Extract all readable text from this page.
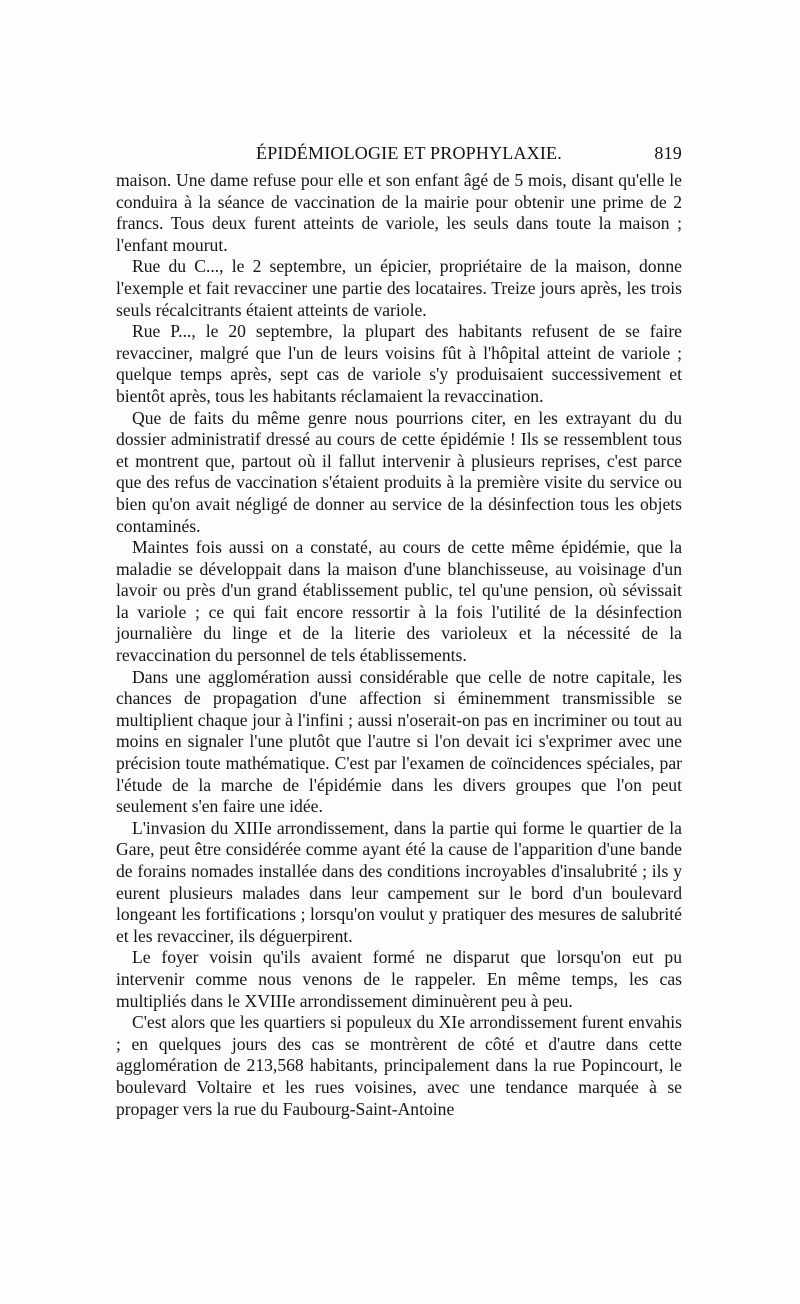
ÉPIDÉMIOLOGIE ET PROPHYLAXIE.	819

maison. Une dame refuse pour elle et son enfant âgé de 5 mois, disant qu'elle le conduira à la séance de vaccination de la mairie pour obtenir une prime de 2 francs. Tous deux furent atteints de variole, les seuls dans toute la maison ; l'enfant mourut.

Rue du C..., le 2 septembre, un épicier, propriétaire de la maison, donne l'exemple et fait revacciner une partie des locataires. Treize jours après, les trois seuls récalcitrants étaient atteints de variole.

Rue P..., le 20 septembre, la plupart des habitants refusent de se faire revacciner, malgré que l'un de leurs voisins fût à l'hôpital atteint de variole ; quelque temps après, sept cas de variole s'y produisaient successivement et bientôt après, tous les habitants réclamaient la revaccination.

Que de faits du même genre nous pourrions citer, en les extrayant du du dossier administratif dressé au cours de cette épidémie ! Ils se ressemblent tous et montrent que, partout où il fallut intervenir à plusieurs reprises, c'est parce que des refus de vaccination s'étaient produits à la première visite du service ou bien qu'on avait négligé de donner au service de la désinfection tous les objets contaminés.

Maintes fois aussi on a constaté, au cours de cette même épidémie, que la maladie se développait dans la maison d'une blanchisseuse, au voisinage d'un lavoir ou près d'un grand établissement public, tel qu'une pension, où sévissait la variole ; ce qui fait encore ressortir à la fois l'utilité de la désinfection journalière du linge et de la literie des varioleux et la nécessité de la revaccination du personnel de tels établissements.

Dans une agglomération aussi considérable que celle de notre capitale, les chances de propagation d'une affection si éminemment transmissible se multiplient chaque jour à l'infini ; aussi n'oserait-on pas en incriminer ou tout au moins en signaler l'une plutôt que l'autre si l'on devait ici s'exprimer avec une précision toute mathématique. C'est par l'examen de coïncidences spéciales, par l'étude de la marche de l'épidémie dans les divers groupes que l'on peut seulement s'en faire une idée.

L'invasion du XIIIe arrondissement, dans la partie qui forme le quartier de la Gare, peut être considérée comme ayant été la cause de l'apparition d'une bande de forains nomades installée dans des conditions incroyables d'insalubrité ; ils y eurent plusieurs malades dans leur campement sur le bord d'un boulevard longeant les fortifications ; lorsqu'on voulut y pratiquer des mesures de salubrité et les revacciner, ils déguerpirent.

Le foyer voisin qu'ils avaient formé ne disparut que lorsqu'on eut pu intervenir comme nous venons de le rappeler. En même temps, les cas multipliés dans le XVIIIe arrondissement diminuèrent peu à peu.

C'est alors que les quartiers si populeux du XIe arrondissement furent envahis ; en quelques jours des cas se montrèrent de côté et d'autre dans cette agglomération de 213,568 habitants, principalement dans la rue Popincourt, le boulevard Voltaire et les rues voisines, avec une tendance marquée à se propager vers la rue du Faubourg-Saint-Antoine
